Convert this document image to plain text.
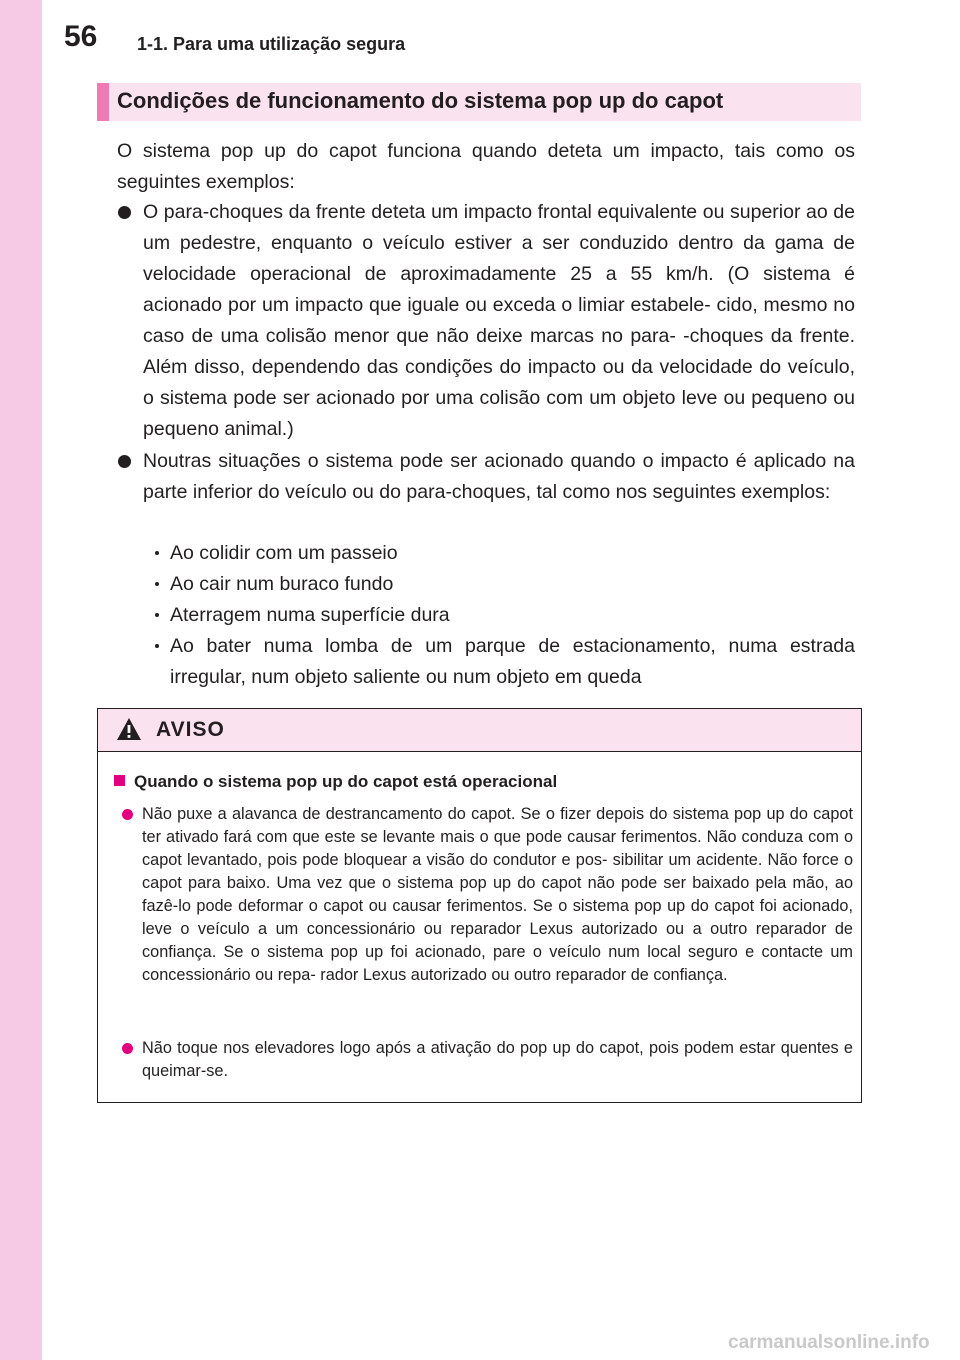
56 1-1. Para uma utilização segura
Condições de funcionamento do sistema pop up do capot
O sistema pop up do capot funciona quando deteta um impacto, tais como os seguintes exemplos:
O para-choques da frente deteta um impacto frontal equivalente ou superior ao de um pedestre, enquanto o veículo estiver a ser conduzido dentro da gama de velocidade operacional de aproximadamente 25 a 55 km/h. (O sistema é acionado por um impacto que iguale ou exceda o limiar estabele- cido, mesmo no caso de uma colisão menor que não deixe marcas no para- -choques da frente. Além disso, dependendo das condições do impacto ou da velocidade do veículo, o sistema pode ser acionado por uma colisão com um objeto leve ou pequeno ou pequeno animal.)
Noutras situações o sistema pode ser acionado quando o impacto é aplicado na parte inferior do veículo ou do para-choques, tal como nos seguintes exemplos:
Ao colidir com um passeio
Ao cair num buraco fundo
Aterragem numa superfície dura
Ao bater numa lomba de um parque de estacionamento, numa estrada irregular, num objeto saliente ou num objeto em queda
AVISO
Quando o sistema pop up do capot está operacional
Não puxe a alavanca de destrancamento do capot. Se o fizer depois do sistema pop up do capot ter ativado fará com que este se levante mais o que pode causar ferimentos. Não conduza com o capot levantado, pois pode bloquear a visão do condutor e pos- sibilitar um acidente. Não force o capot para baixo. Uma vez que o sistema pop up do capot não pode ser baixado pela mão, ao fazê-lo pode deformar o capot ou causar ferimentos. Se o sistema pop up do capot foi acionado, leve o veículo a um concessionário ou reparador Lexus autorizado ou a outro reparador de confiança. Se o sistema pop up foi acionado, pare o veículo num local seguro e contacte um concessionário ou repa- rador Lexus autorizado ou outro reparador de confiança.
Não toque nos elevadores logo após a ativação do pop up do capot, pois podem estar quentes e queimar-se.
carmanualsonline.info
